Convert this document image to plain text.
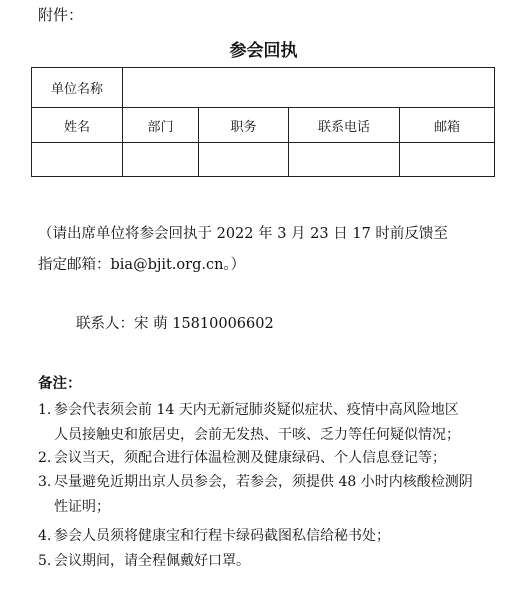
附件：
参会回执
单位名称				
姓名	部门	职务	联系电话	邮箱

（请出席单位将参会回执于 2022 年 3 月 23 日 17 时前反馈至
指定邮箱：bia@bjit.org.cn。）
联系人：宋 萌 15810006602
备注：
1. 参会代表须会前 14 天内无新冠肺炎疑似症状、疫情中高风险地区
人员接触史和旅居史，会前无发热、干咳、乏力等任何疑似情况；
2. 会议当天，须配合进行体温检测及健康绿码、个人信息登记等；
3. 尽量避免近期出京人员参会，若参会，须提供 48 小时内核酸检测阴
性证明；
4. 参会人员须将健康宝和行程卡绿码截图私信给秘书处；
5. 会议期间，请全程佩戴好口罩。
